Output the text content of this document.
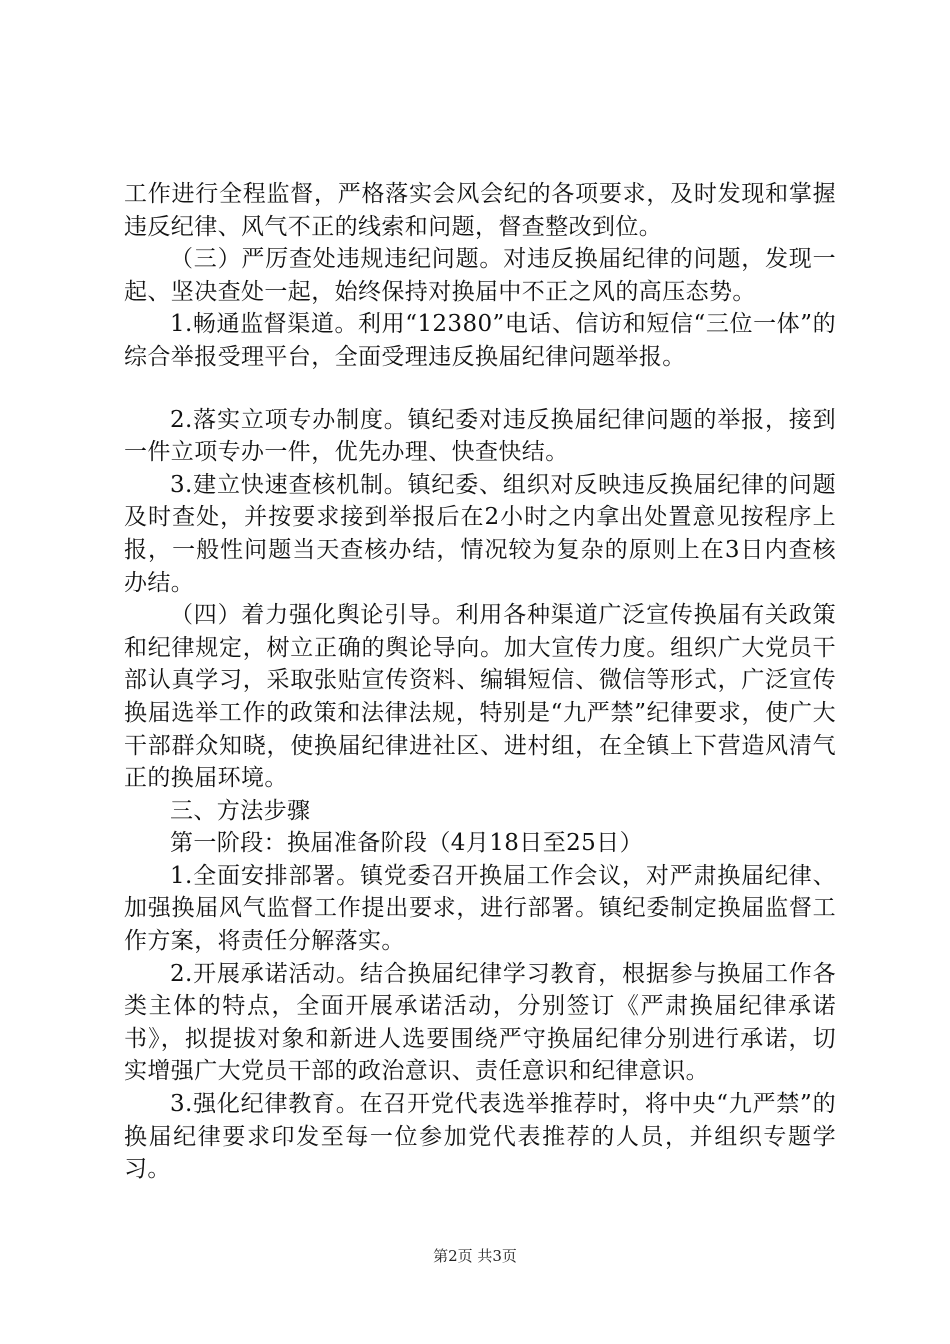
工作进行全程监督，严格落实会风会纪的各项要求，及时发现和掌握违反纪律、风气不正的线索和问题，督查整改到位。

（三）严厉查处违规违纪问题。对违反换届纪律的问题，发现一起、坚决查处一起，始终保持对换届中不正之风的高压态势。

1.畅通监督渠道。利用“12380”电话、信访和短信“三位一体”的综合举报受理平台，全面受理违反换届纪律问题举报。

2.落实立项专办制度。镇纪委对违反换届纪律问题的举报，接到一件立项专办一件，优先办理、快查快结。

3.建立快速查核机制。镇纪委、组织对反映违反换届纪律的问题及时查处，并按要求接到举报后在2小时之内拿出处置意见按程序上报，一般性问题当天查核办结，情况较为复杂的原则上在3日内查核办结。

（四）着力强化舆论引导。利用各种渠道广泛宣传换届有关政策和纪律规定，树立正确的舆论导向。加大宣传力度。组织广大党员干部认真学习，采取张贴宣传资料、编辑短信、微信等形式，广泛宣传换届选举工作的政策和法律法规，特别是“九严禁”纪律要求，使广大干部群众知晓，使换届纪律进社区、进村组，在全镇上下营造风清气正的换届环境。

三、方法步骤

第一阶段：换届准备阶段（4月18日至25日）

1.全面安排部署。镇党委召开换届工作会议，对严肃换届纪律、加强换届风气监督工作提出要求，进行部署。镇纪委制定换届监督工作方案，将责任分解落实。

2.开展承诺活动。结合换届纪律学习教育，根据参与换届工作各类主体的特点，全面开展承诺活动，分别签订《严肃换届纪律承诺书》，拟提拔对象和新进人选要围绕严守换届纪律分别进行承诺，切实增强广大党员干部的政治意识、责任意识和纪律意识。

3.强化纪律教育。在召开党代表选举推荐时，将中央“九严禁”的换届纪律要求印发至每一位参加党代表推荐的人员，并组织专题学习。

第2页 共3页
